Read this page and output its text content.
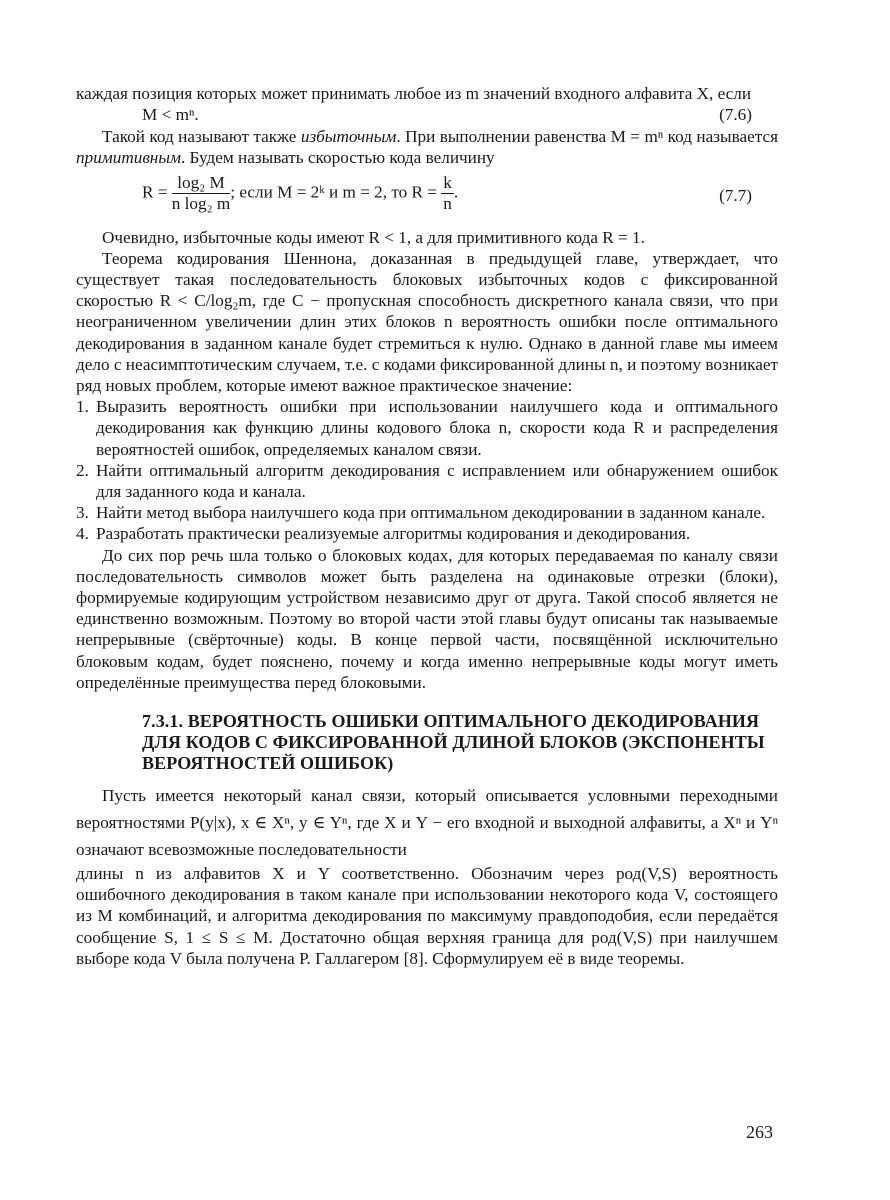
каждая позиция которых может принимать любое из m значений входного алфавита X, если

M < mⁿ.	(7.6)

Такой код называют также избыточным. При выполнении равенства M = mⁿ код называется примитивным. Будем называть скоростью кода величину

$R = \frac{\text{log₂ M}}{\text{n log₂ m}}$ ; если M = 2ᵏ и m = 2, то $R = \frac{k}{n}$ .	(7.7)

Очевидно, избыточные коды имеют R < 1, а для примитивного кода R = 1.

Теорема кодирования Шеннона, доказанная в предыдущей главе, утверждает, что существует такая последовательность блоковых избыточных кодов с фиксированной скоростью R < C/log₂m, где C − пропускная способность дискретного канала связи, что при неограниченном увеличении длин этих блоков n вероятность ошибки после оптимального декодирования в заданном канале будет стремиться к нулю. Однако в данной главе мы имеем дело с неасимптотическим случаем, т.е. с кодами фиксированной длины n, и поэтому возникает ряд новых проблем, которые имеют важное практическое значение:

1. Выразить вероятность ошибки при использовании наилучшего кода и оптимального декодирования как функцию длины кодового блока n, скорости кода R и распределения вероятностей ошибок, определяемых каналом связи.
2. Найти оптимальный алгоритм декодирования с исправлением или обнаружением ошибок для заданного кода и канала.
3. Найти метод выбора наилучшего кода при оптимальном декодировании в заданном канале.
4. Разработать практически реализуемые алгоритмы кодирования и декодирования.

До сих пор речь шла только о блоковых кодах, для которых передаваемая по каналу связи последовательность символов может быть разделена на одинаковые отрезки (блоки), формируемые кодирующим устройством независимо друг от друга. Такой способ является не единственно возможным. Поэтому во второй части этой главы будут описаны так называемые непрерывные (свёрточные) коды. В конце первой части, посвящённой исключительно блоковым кодам, будет пояснено, почему и когда именно непрерывные коды могут иметь определённые преимущества перед блоковыми.

7.3.1. ВЕРОЯТНОСТЬ ОШИБКИ ОПТИМАЛЬНОГО ДЕКОДИРОВАНИЯ ДЛЯ КОДОВ С ФИКСИРОВАННОЙ ДЛИНОЙ БЛОКОВ (ЭКСПОНЕНТЫ ВЕРОЯТНОСТЕЙ ОШИБОК)

Пусть имеется некоторый канал связи, который описывается условными переходными вероятностями P(y|x), x ∈ Xⁿ, y ∈ Yⁿ, где X и Y − его входной и выходной алфавиты, а Xⁿ и Yⁿ означают всевозможные последовательности

длины n из алфавитов X и Y соответственно. Обозначим через pод(V,S) вероятность ошибочного декодирования в таком канале при использовании некоторого кода V, состоящего из M комбинаций, и алгоритма декодирования по максимуму правдоподобия, если передаётся сообщение S, 1 ≤ S ≤ M. Достаточно общая верхняя граница для pод(V,S) при наилучшем выборе кода V была получена Р. Галлагером [8]. Сформулируем её в виде теоремы.

263
